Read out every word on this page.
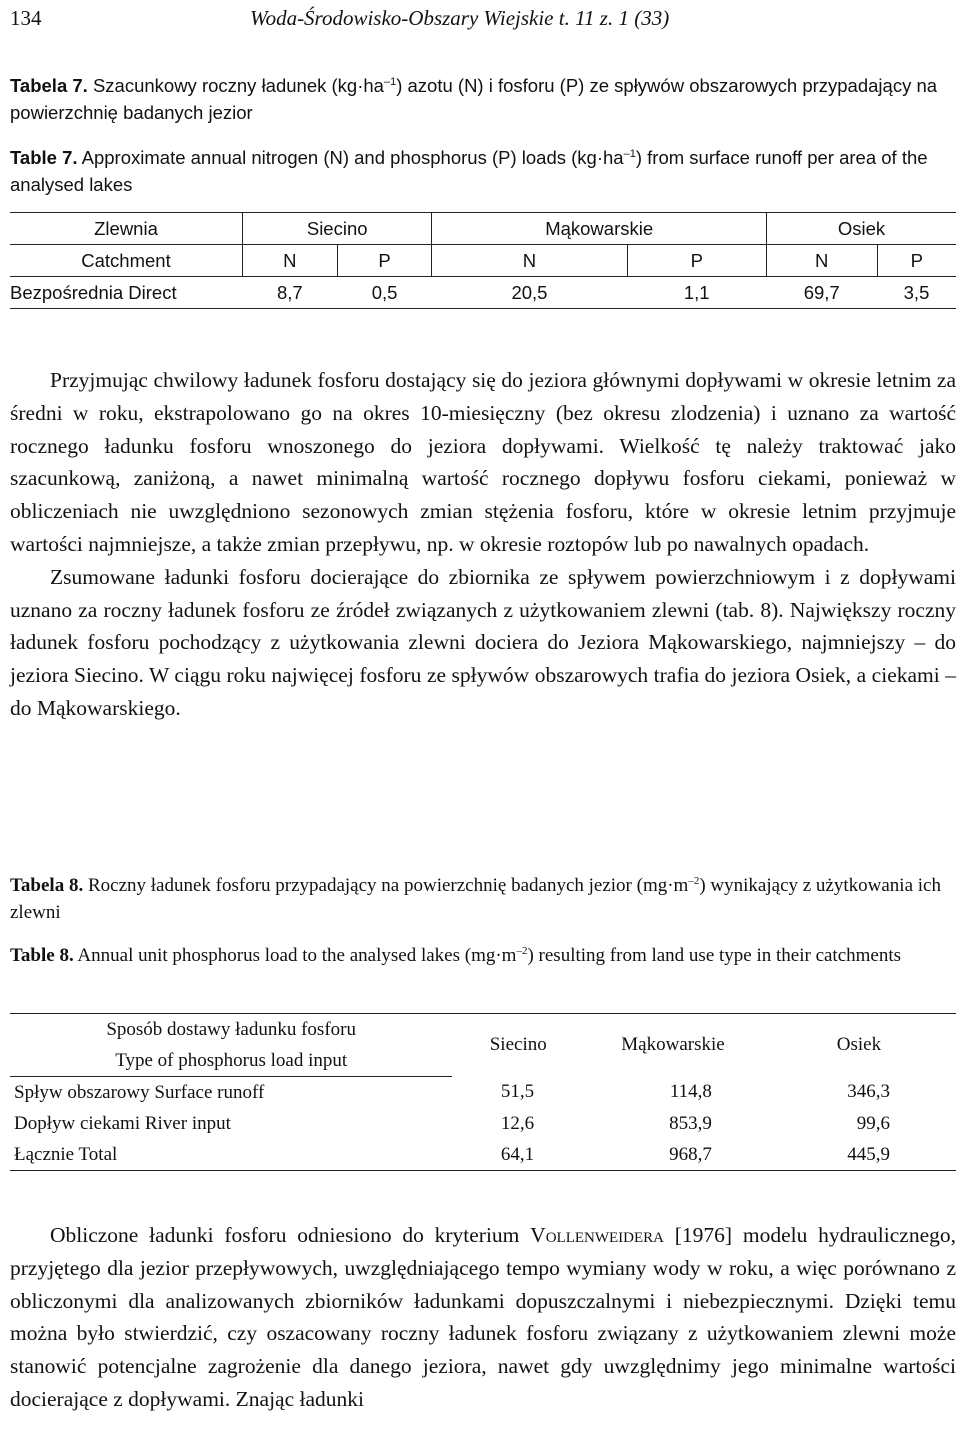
134	Woda-Środowisko-Obszary Wiejskie t. 11 z. 1 (33)
Tabela 7. Szacunkowy roczny ładunek $(kg\cdot ha^{-1})$ azotu (N) i fosforu (P) ze spływów obszarowych przypadający na powierzchnię badanych jezior
Table 7. Approximate annual nitrogen (N) and phosphorus (P) loads $(kg\cdot ha^{-1})$ from surface runoff per area of the analysed lakes
Zlewnia	Siecino		Mąkowarskie		Osiek	
Catchment	N	P	N	P	N	P
Bezpośrednia Direct	8,7	0,5	20,5	1,1	69,7	3,5

Przyjmując chwilowy ładunek fosforu dostający się do jeziora głównymi dopływami w okresie letnim za średni w roku, ekstrapolowano go na okres 10-miesięczny (bez okresu zlodzenia) i uznano za wartość rocznego ładunku fosforu wnoszonego do jeziora dopływami. Wielkość tę należy traktować jako szacunkową, zaniżoną, a nawet minimalną wartość rocznego dopływu fosforu ciekami, ponieważ w obliczeniach nie uwzględniono sezonowych zmian stężenia fosforu, które w okresie letnim przyjmuje wartości najmniejsze, a także zmian przepływu, np. w okresie roztopów lub po nawalnych opadach.

Zsumowane ładunki fosforu docierające do zbiornika ze spływem powierzchniowym i z dopływami uznano za roczny ładunek fosforu ze źródeł związanych z użytkowaniem zlewni (tab. 8). Największy roczny ładunek fosforu pochodzący z użytkowania zlewni dociera do Jeziora Mąkowarskiego, najmniejszy – do jeziora Siecino. W ciągu roku najwięcej fosforu ze spływów obszarowych trafia do jeziora Osiek, a ciekami – do Mąkowarskiego.

Tabela 8. Roczny ładunek fosforu przypadający na powierzchnię badanych jezior $(mg\cdot m^{-2})$ wynikający z użytkowania ich zlewni
Table 8. Annual unit phosphorus load to the analysed lakes $(mg\cdot m^{-2})$ resulting from land use type in their catchments
Sposób dostawy ładunku fosforu	Siecino	Mąkowarskie	Osiek
Type of phosphorus load input			
Spływ obszarowy Surface runoff	51,5	114,8	346,3
Dopływ ciekami River input	12,6	853,9	99,6
Łącznie Total	64,1	968,7	445,9

Obliczone ładunki fosforu odniesiono do kryterium Vollenweidera [1976] modelu hydraulicznego, przyjętego dla jezior przepływowych, uwzględniającego tempo wymiany wody w roku, a więc porównano z obliczonymi dla analizowanych zbiorników ładunkami dopuszczalnymi i niebezpiecznymi. Dzięki temu można było stwierdzić, czy oszacowany roczny ładunek fosforu związany z użytkowaniem zlewni może stanowić potencjalne zagrożenie dla danego jeziora, nawet gdy uwzględnimy jego minimalne wartości docierające z dopływami. Znając ładunki
